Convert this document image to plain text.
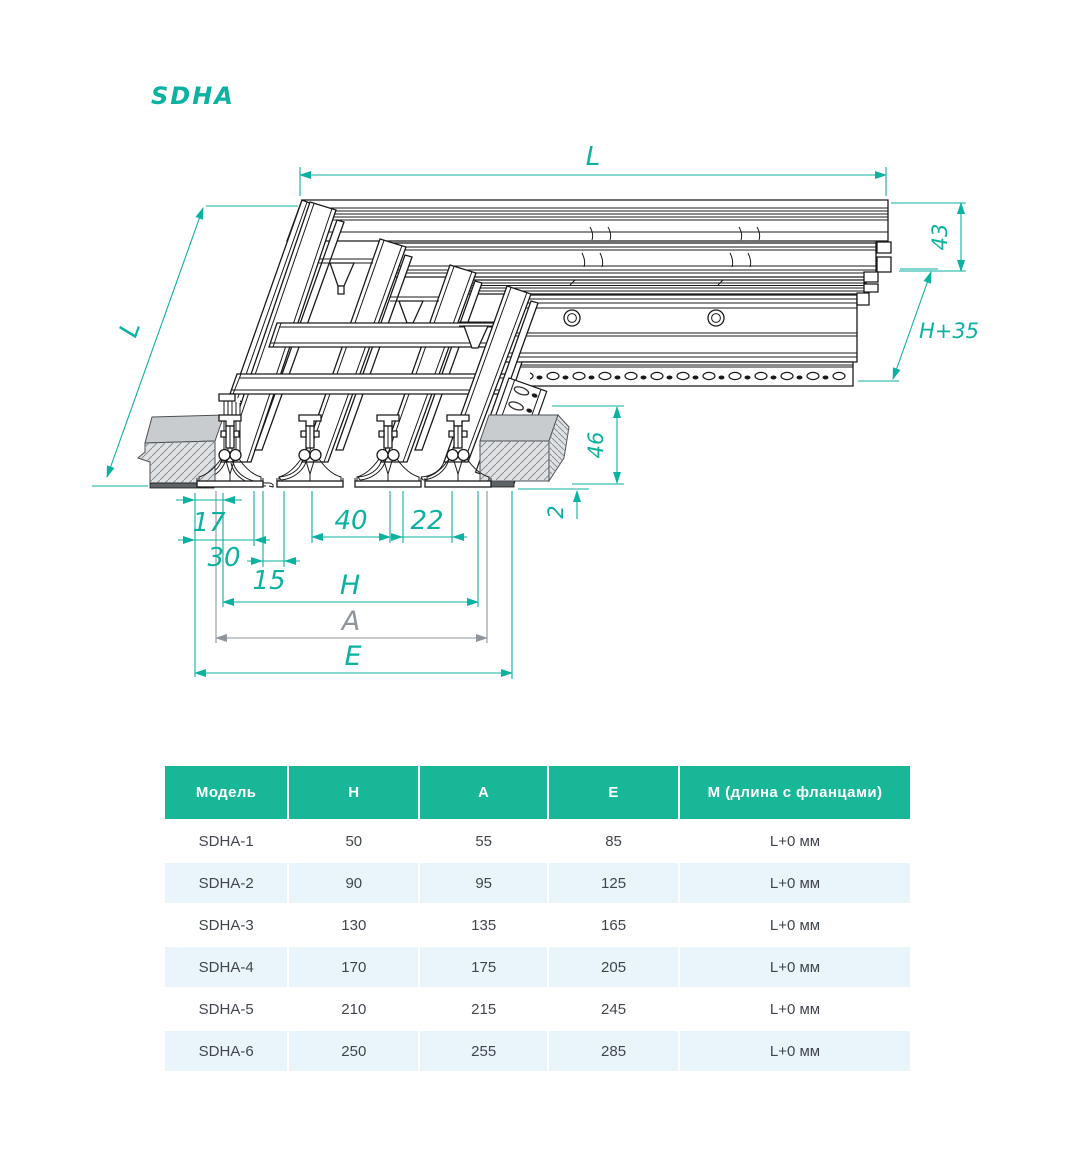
SDHA
L
L
43
H+35
46
2
17
30
15
40 22
H
A
E
Модель	H	A	E	М (длина с фланцами)
SDHA-1	50	55	85	L+0 мм
SDHA-2	90	95	125	L+0 мм
SDHA-3	130	135	165	L+0 мм
SDHA-4	170	175	205	L+0 мм
SDHA-5	210	215	245	L+0 мм
SDHA-6	250	255	285	L+0 мм
